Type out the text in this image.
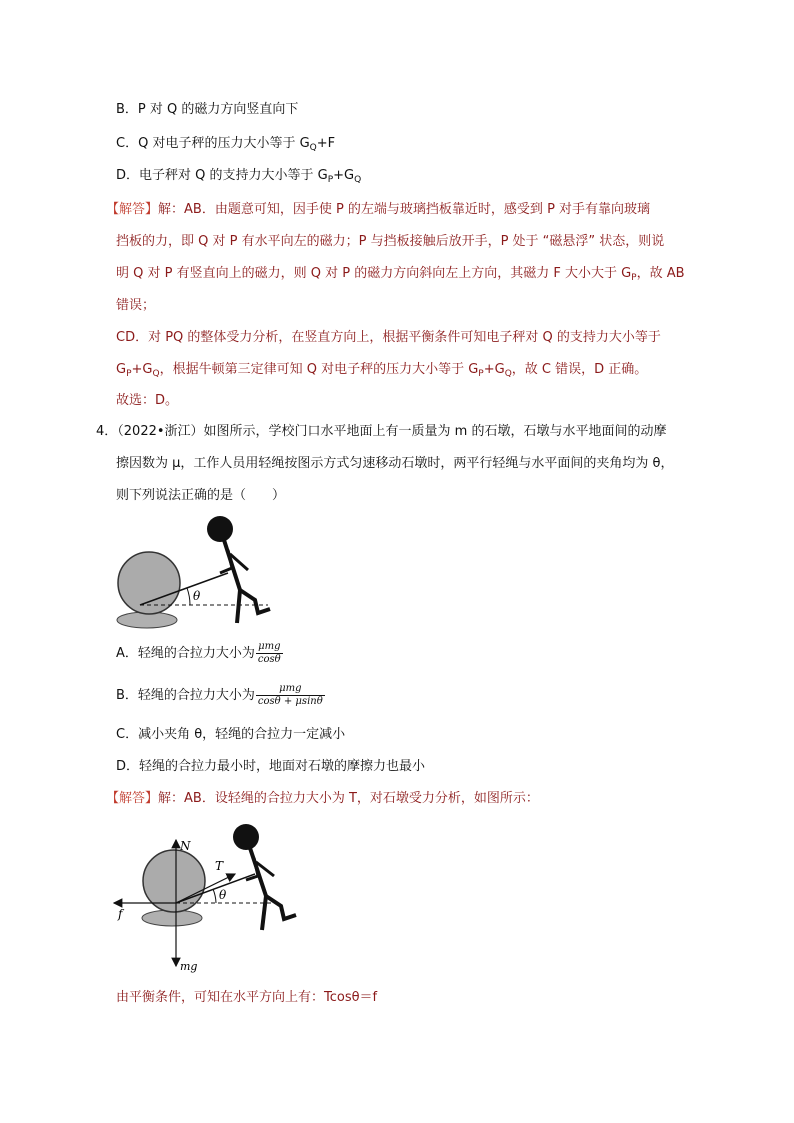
B．P 对 Q 的磁力方向竖直向下
C．Q 对电子秤的压力大小等于 $G_Q+F$
D．电子秤对 Q 的支持力大小等于 $G_P+G_Q$
【解答】解：AB．由题意可知，因手使 P 的左端与玻璃挡板靠近时，感受到 P 对手有靠向玻璃
挡板的力，即 Q 对 P 有水平向左的磁力；P 与挡板接触后放开手，P 处于 “磁悬浮” 状态，则说
明 Q 对 P 有竖直向上的磁力，则 Q 对 P 的磁力方向斜向左上方向，其磁力 F 大小大于 $G_P$，故 AB
错误；
CD．对 PQ 的整体受力分析，在竖直方向上，根据平衡条件可知电子秤对 Q 的支持力大小等于
$G_P+G_Q$，根据牛顿第三定律可知 Q 对电子秤的压力大小等于 $G_P+G_Q$，故 C 错误，D 正确。
故选：D。
4．（2022•浙江）如图所示，学校门口水平地面上有一质量为 m 的石墩，石墩与水平地面间的动摩
擦因数为 μ，工作人员用轻绳按图示方式匀速移动石墩时，两平行轻绳与水平面间的夹角均为 θ，
则下列说法正确的是（　　）
θ
A．轻绳的合拉力大小为 $\frac{\text{μmg}}{\cos\theta}$
B．轻绳的合拉力大小为 $\frac{\text{μmg}}{\cos\theta + \mu\sin\theta}$
C．减小夹角 θ，轻绳的合拉力一定减小
D．轻绳的合拉力最小时，地面对石墩的摩擦力也最小
【解答】解：AB．设轻绳的合拉力大小为 T，对石墩受力分析，如图所示：
N
mg
f
T
θ
由平衡条件，可知在水平方向上有：Tcosθ＝f
